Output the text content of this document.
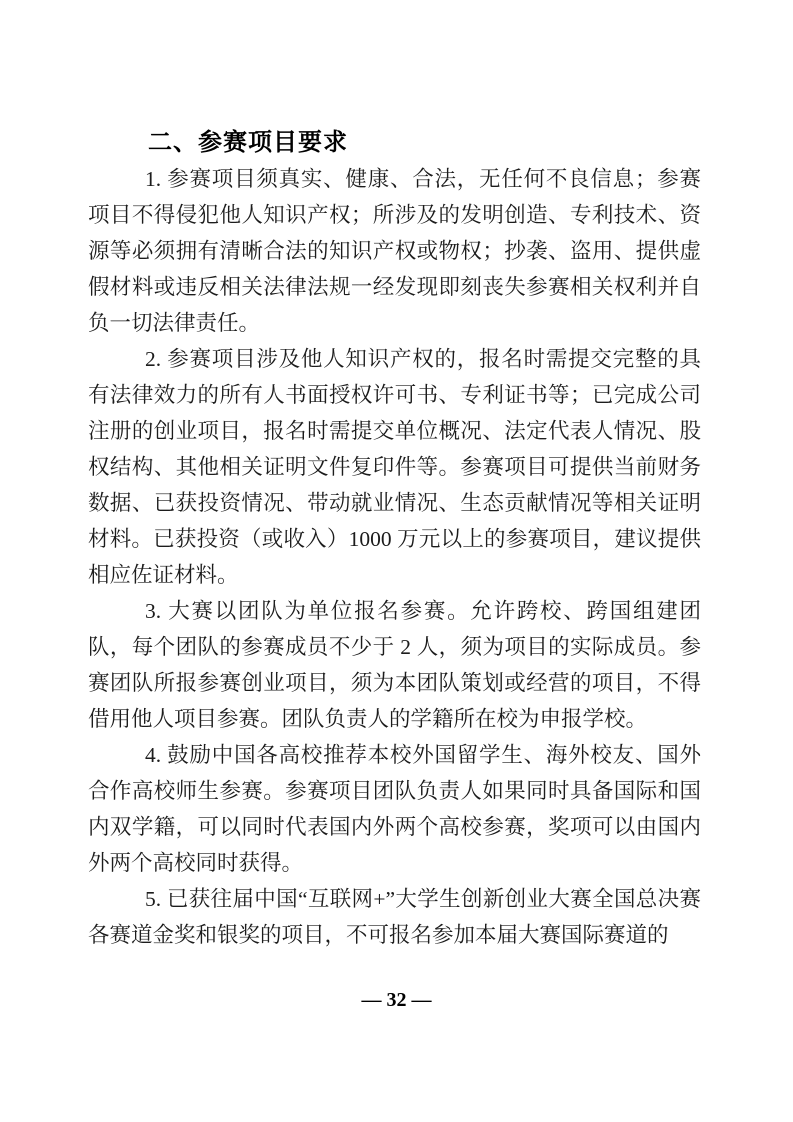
二、参赛项目要求

1. 参赛项目须真实、健康、合法，无任何不良信息；参赛项目不得侵犯他人知识产权；所涉及的发明创造、专利技术、资源等必须拥有清晰合法的知识产权或物权；抄袭、盗用、提供虚假材料或违反相关法律法规一经发现即刻丧失参赛相关权利并自负一切法律责任。

2. 参赛项目涉及他人知识产权的，报名时需提交完整的具有法律效力的所有人书面授权许可书、专利证书等；已完成公司注册的创业项目，报名时需提交单位概况、法定代表人情况、股权结构、其他相关证明文件复印件等。参赛项目可提供当前财务数据、已获投资情况、带动就业情况、生态贡献情况等相关证明材料。已获投资（或收入）1000 万元以上的参赛项目，建议提供相应佐证材料。

3. 大赛以团队为单位报名参赛。允许跨校、跨国组建团队，每个团队的参赛成员不少于 2 人，须为项目的实际成员。参赛团队所报参赛创业项目，须为本团队策划或经营的项目，不得借用他人项目参赛。团队负责人的学籍所在校为申报学校。

4. 鼓励中国各高校推荐本校外国留学生、海外校友、国外合作高校师生参赛。参赛项目团队负责人如果同时具备国际和国内双学籍，可以同时代表国内外两个高校参赛，奖项可以由国内外两个高校同时获得。

5. 已获往届中国“互联网+”大学生创新创业大赛全国总决赛各赛道金奖和银奖的项目，不可报名参加本届大赛国际赛道的

— 32 —
